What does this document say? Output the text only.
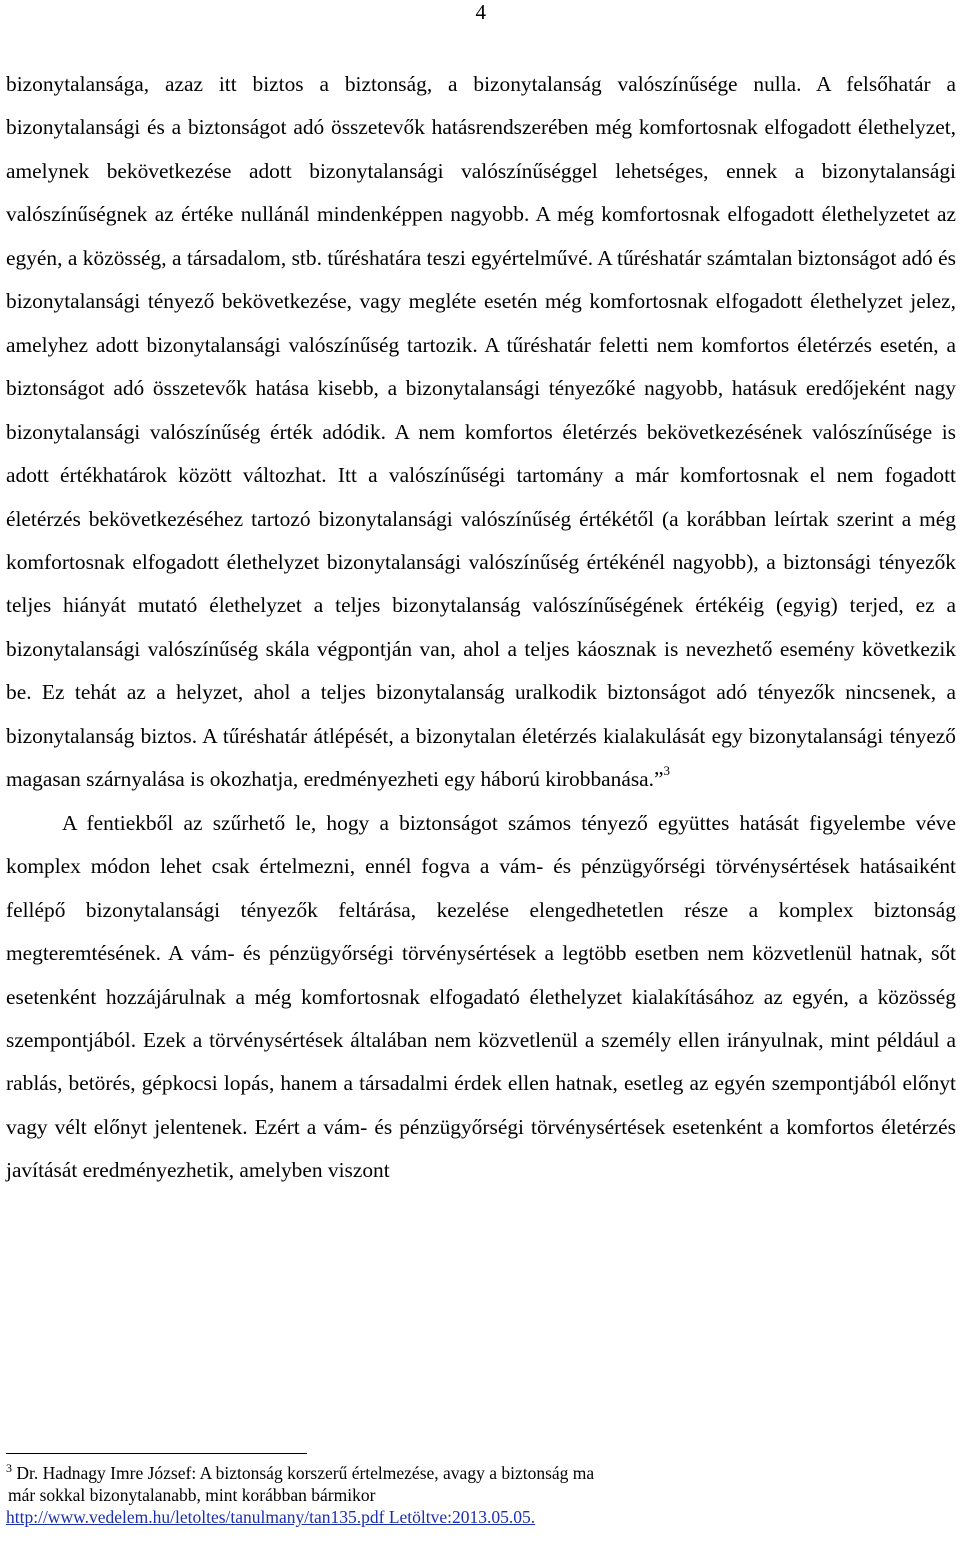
4

bizonytalansága, azaz itt biztos a biztonság, a bizonytalanság valószínűsége nulla. A felsőhatár a bizonytalansági és a biztonságot adó összetevők hatásrendszerében még komfortosnak elfogadott élethelyzet, amelynek bekövetkezése adott bizonytalansági valószínűséggel lehetséges, ennek a bizonytalansági valószínűségnek az értéke nullánál mindenképpen nagyobb. A még komfortosnak elfogadott élethelyzetet az egyén, a közösség, a társadalom, stb. tűréshatára teszi egyértelművé. A tűréshatár számtalan biztonságot adó és bizonytalansági tényező bekövetkezése, vagy megléte esetén még komfortosnak elfogadott élethelyzet jelez, amelyhez adott bizonytalansági valószínűség tartozik. A tűréshatár feletti nem komfortos életérzés esetén, a biztonságot adó összetevők hatása kisebb, a bizonytalansági tényezőké nagyobb, hatásuk eredőjeként nagy bizonytalansági valószínűség érték adódik. A nem komfortos életérzés bekövetkezésének valószínűsége is adott értékhatárok között változhat. Itt a valószínűségi tartomány a már komfortosnak el nem fogadott életérzés bekövetkezéséhez tartozó bizonytalansági valószínűség értékétől (a korábban leírtak szerint a még komfortosnak elfogadott élethelyzet bizonytalansági valószínűség értékénél nagyobb), a biztonsági tényezők teljes hiányát mutató élethelyzet a teljes bizonytalanság valószínűségének értékéig (egyig) terjed, ez a bizonytalansági valószínűség skála végpontján van, ahol a teljes káosznak is nevezhető esemény következik be. Ez tehát az a helyzet, ahol a teljes bizonytalanság uralkodik biztonságot adó tényezők nincsenek, a bizonytalanság biztos. A tűréshatár átlépését, a bizonytalan életérzés kialakulását egy bizonytalansági tényező magasan szárnyalása is okozhatja, eredményezheti egy háború kirobbanása.”$^3$

A fentiekből az szűrhető le, hogy a biztonságot számos tényező együttes hatását figyelembe véve komplex módon lehet csak értelmezni, ennél fogva a vám- és pénzügyőrségi törvénysértések hatásaiként fellépő bizonytalansági tényezők feltárása, kezelése elengedhetetlen része a komplex biztonság megteremtésének. A vám- és pénzügyőrségi törvénysértések a legtöbb esetben nem közvetlenül hatnak, sőt esetenként hozzájárulnak a még komfortosnak elfogadató élethelyzet kialakításához az egyén, a közösség szempontjából. Ezek a törvénysértések általában nem közvetlenül a személy ellen irányulnak, mint például a rablás, betörés, gépkocsi lopás, hanem a társadalmi érdek ellen hatnak, esetleg az egyén szempontjából előnyt vagy vélt előnyt jelentenek. Ezért a vám- és pénzügyőrségi törvénysértések esetenként a komfortos életérzés javítását eredményezhetik, amelyben viszont

$^3$ Dr. Hadnagy Imre József: A biztonság korszerű értelmezése, avagy a biztonság ma
már sokkal bizonytalanabb, mint korábban bármikor
http://www.vedelem.hu/letoltes/tanulmany/tan135.pdf Letöltve:2013.05.05.
